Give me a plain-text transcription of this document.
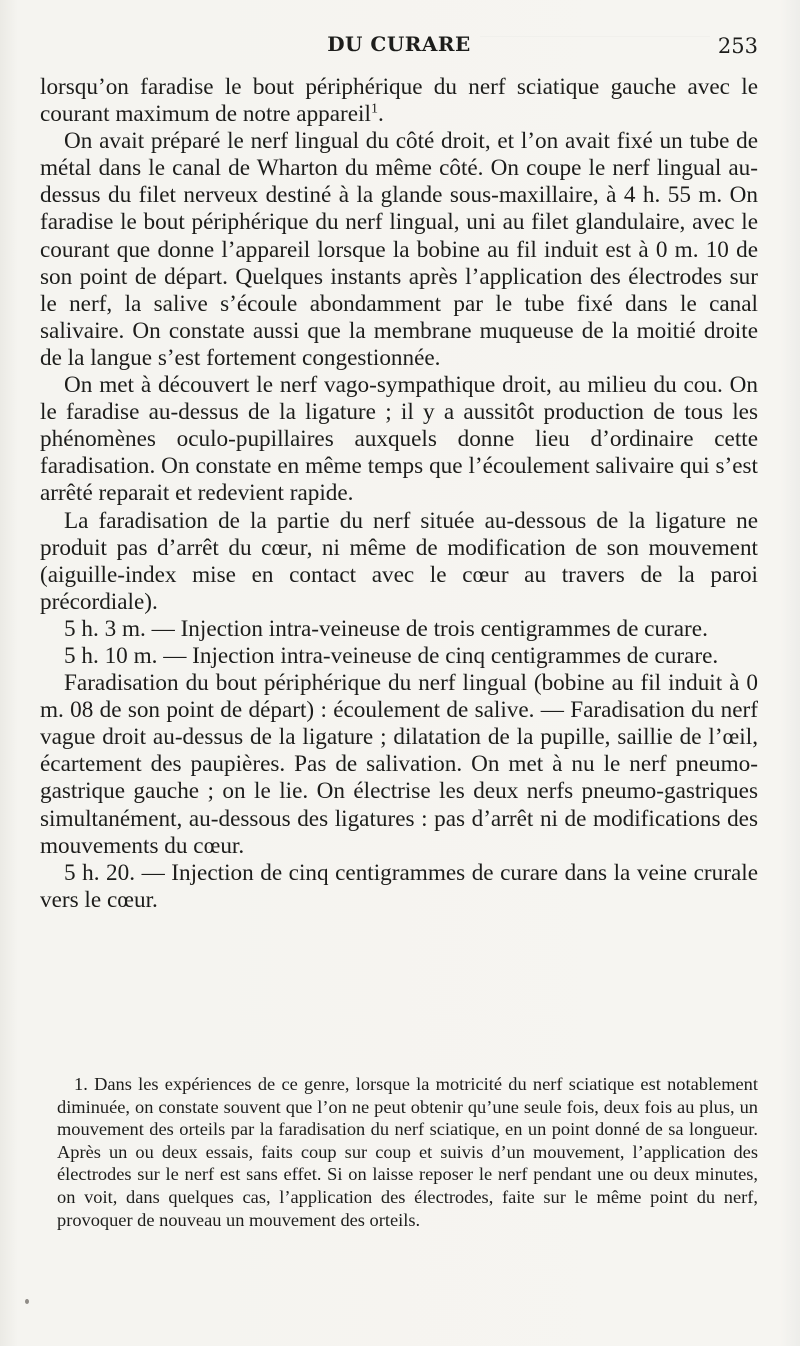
DU CURARE	253

lorsqu’on faradise le bout périphérique du nerf sciatique gauche avec le courant maximum de notre appareil$^1$.

On avait préparé le nerf lingual du côté droit, et l’on avait fixé un tube de métal dans le canal de Wharton du même côté. On coupe le nerf lingual au-dessus du filet nerveux destiné à la glande sous-maxillaire, à 4 h. 55 m. On faradise le bout périphérique du nerf lingual, uni au filet glandulaire, avec le courant que donne l’appareil lorsque la bobine au fil induit est à 0 m. 10 de son point de départ. Quelques instants après l’application des électrodes sur le nerf, la salive s’écoule abondamment par le tube fixé dans le canal salivaire. On constate aussi que la membrane muqueuse de la moitié droite de la langue s’est fortement congestionnée.

On met à découvert le nerf vago-sympathique droit, au milieu du cou. On le faradise au-dessus de la ligature ; il y a aussitôt production de tous les phénomènes oculo-pupillaires auxquels donne lieu d’ordinaire cette faradisation. On constate en même temps que l’écoulement salivaire qui s’est arrêté reparait et redevient rapide.

La faradisation de la partie du nerf située au-dessous de la ligature ne produit pas d’arrêt du cœur, ni même de modification de son mouvement (aiguille-index mise en contact avec le cœur au travers de la paroi précordiale).

5 h. 3 m. — Injection intra-veineuse de trois centigrammes de curare.

5 h. 10 m. — Injection intra-veineuse de cinq centigrammes de curare.

Faradisation du bout périphérique du nerf lingual (bobine au fil induit à 0 m. 08 de son point de départ) : écoulement de salive. — Faradisation du nerf vague droit au-dessus de la ligature ; dilatation de la pupille, saillie de l’œil, écartement des paupières. Pas de salivation. On met à nu le nerf pneumo-gastrique gauche ; on le lie. On électrise les deux nerfs pneumo-gastriques simultanément, au-dessous des ligatures : pas d’arrêt ni de modifications des mouvements du cœur.

5 h. 20. — Injection de cinq centigrammes de curare dans la veine crurale vers le cœur.

1. Dans les expériences de ce genre, lorsque la motricité du nerf sciatique est notablement diminuée, on constate souvent que l’on ne peut obtenir qu’une seule fois, deux fois au plus, un mouvement des orteils par la faradisation du nerf sciatique, en un point donné de sa longueur. Après un ou deux essais, faits coup sur coup et suivis d’un mouvement, l’application des électrodes sur le nerf est sans effet. Si on laisse reposer le nerf pendant une ou deux minutes, on voit, dans quelques cas, l’application des électrodes, faite sur le même point du nerf, provoquer de nouveau un mouvement des orteils.
